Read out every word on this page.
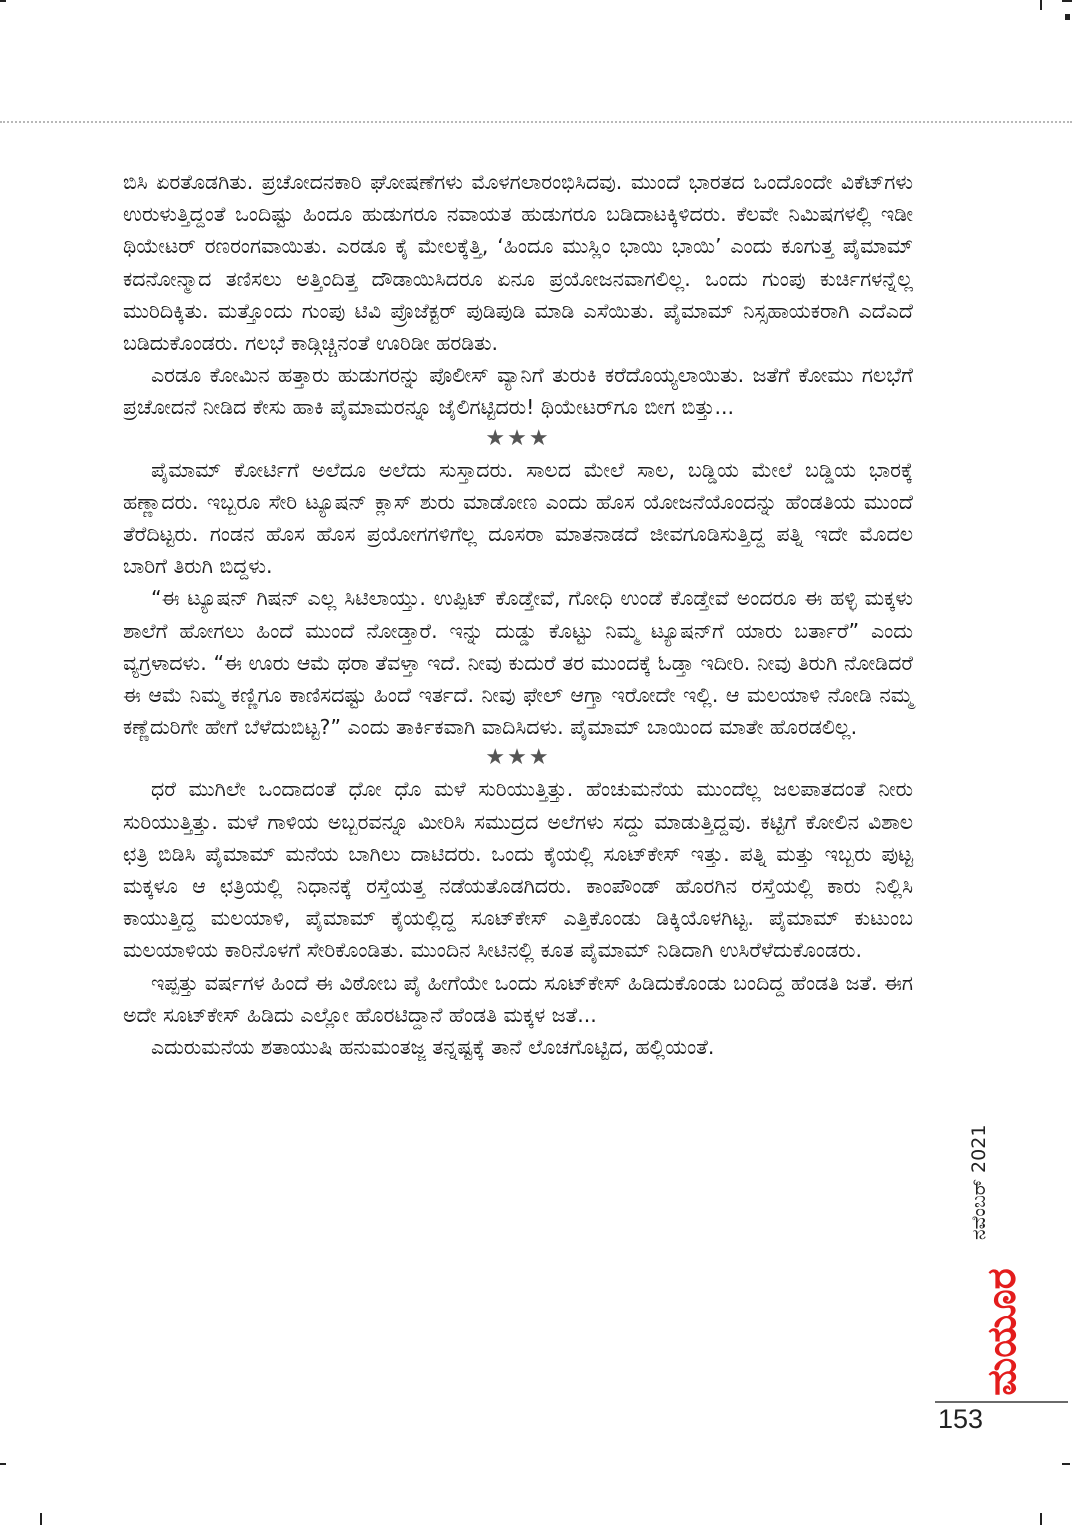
ಬಿಸಿ ಏರತೊಡಗಿತು. ಪ್ರಚೋದನಕಾರಿ ಘೋಷಣೆಗಳು ಮೊಳಗಲಾರಂಭಿಸಿದವು. ಮುಂದೆ ಭಾರತದ ಒಂದೊಂದೇ ವಿಕೆಟ್‌ಗಳು ಉರುಳುತ್ತಿದ್ದಂತೆ ಒಂದಿಷ್ಟು ಹಿಂದೂ ಹುಡುಗರೂ ನವಾಯತ ಹುಡುಗರೂ ಬಡಿದಾಟಕ್ಕಿಳಿದರು. ಕೆಲವೇ ನಿಮಿಷಗಳಲ್ಲಿ ಇಡೀ ಥಿಯೇಟರ್ ರಣರಂಗವಾಯಿತು. ಎರಡೂ ಕೈ ಮೇಲಕ್ಕೆತ್ತಿ, ‘ಹಿಂದೂ ಮುಸ್ಲಿಂ ಭಾಯಿ ಭಾಯಿ’ ಎಂದು ಕೂಗುತ್ತ ಪೈಮಾಮ್ ಕದನೋನ್ಮಾದ ತಣಿಸಲು ಅತ್ತಿಂದಿತ್ತ ದೌಡಾಯಿಸಿದರೂ ಏನೂ ಪ್ರಯೋಜನವಾಗಲಿಲ್ಲ. ಒಂದು ಗುಂಪು ಕುರ್ಚಿಗಳನ್ನೆಲ್ಲ ಮುರಿದಿಕ್ಕಿತು. ಮತ್ತೊಂದು ಗುಂಪು ಟಿವಿ ಪ್ರೊಜೆಕ್ಟರ್ ಪುಡಿಪುಡಿ ಮಾಡಿ ಎಸೆಯಿತು. ಪೈಮಾಮ್ ನಿಸ್ಸಹಾಯಕರಾಗಿ ಎದೆಎದೆ ಬಡಿದುಕೊಂಡರು. ಗಲಭೆ ಕಾಡ್ಗಿಚ್ಚಿನಂತೆ ಊರಿಡೀ ಹರಡಿತು.

ಎರಡೂ ಕೋಮಿನ ಹತ್ತಾರು ಹುಡುಗರನ್ನು ಪೊಲೀಸ್ ವ್ಯಾನಿಗೆ ತುರುಕಿ ಕರೆದೊಯ್ಯಲಾಯಿತು. ಜತೆಗೆ ಕೋಮು ಗಲಭೆಗೆ ಪ್ರಚೋದನೆ ನೀಡಿದ ಕೇಸು ಹಾಕಿ ಪೈಮಾಮರನ್ನೂ ಜೈಲಿಗಟ್ಟಿದರು! ಥಿಯೇಟರ್‌ಗೂ ಬೀಗ ಬಿತ್ತು...

★★★

ಪೈಮಾಮ್ ಕೋರ್ಟಿಗೆ ಅಲೆದೂ ಅಲೆದು ಸುಸ್ತಾದರು. ಸಾಲದ ಮೇಲೆ ಸಾಲ, ಬಡ್ಡಿಯ ಮೇಲೆ ಬಡ್ಡಿಯ ಭಾರಕ್ಕೆ ಹಣ್ಣಾದರು. ಇಬ್ಬರೂ ಸೇರಿ ಟ್ಯೂಷನ್ ಕ್ಲಾಸ್ ಶುರು ಮಾಡೋಣ ಎಂದು ಹೊಸ ಯೋಜನೆಯೊಂದನ್ನು ಹೆಂಡತಿಯ ಮುಂದೆ ತೆರೆದಿಟ್ಟರು. ಗಂಡನ ಹೊಸ ಹೊಸ ಪ್ರಯೋಗಗಳಿಗೆಲ್ಲ ದೂಸರಾ ಮಾತನಾಡದೆ ಜೀವಗೂಡಿಸುತ್ತಿದ್ದ ಪತ್ನಿ ಇದೇ ಮೊದಲ ಬಾರಿಗೆ ತಿರುಗಿ ಬಿದ್ದಳು.

“ಈ ಟ್ಯೂಷನ್ ಗಿಷನ್ ಎಲ್ಲ ಸಿಟಿಲಾಯ್ತು. ಉಪ್ಪಿಟ್ ಕೊಡ್ತೇವೆ, ಗೋಧಿ ಉಂಡೆ ಕೊಡ್ತೇವೆ ಅಂದರೂ ಈ ಹಳ್ಳಿ ಮಕ್ಕಳು ಶಾಲೆಗೆ ಹೋಗಲು ಹಿಂದೆ ಮುಂದೆ ನೋಡ್ತಾರೆ. ಇನ್ನು ದುಡ್ಡು ಕೊಟ್ಟು ನಿಮ್ಮ ಟ್ಯೂಷನ್‌ಗೆ ಯಾರು ಬರ್ತಾರೆ” ಎಂದು ವ್ಯಗ್ರಳಾದಳು. “ಈ ಊರು ಆಮೆ ಥರಾ ತೆವಳ್ತಾ ಇದೆ. ನೀವು ಕುದುರೆ ತರ ಮುಂದಕ್ಕೆ ಓಡ್ತಾ ಇದೀರಿ. ನೀವು ತಿರುಗಿ ನೋಡಿದರೆ ಈ ಆಮೆ ನಿಮ್ಮ ಕಣ್ಣಿಗೂ ಕಾಣಿಸದಷ್ಟು ಹಿಂದೆ ಇರ್ತದೆ. ನೀವು ಫೇಲ್ ಆಗ್ತಾ ಇರೋದೇ ಇಲ್ಲಿ. ಆ ಮಲಯಾಳಿ ನೋಡಿ ನಮ್ಮ ಕಣ್ಣೆದುರಿಗೇ ಹೇಗೆ ಬೆಳೆದುಬಿಟ್ಟ?” ಎಂದು ತಾರ್ಕಿಕವಾಗಿ ವಾದಿಸಿದಳು. ಪೈಮಾಮ್ ಬಾಯಿಂದ ಮಾತೇ ಹೊರಡಲಿಲ್ಲ.

★★★

ಧರೆ ಮುಗಿಲೇ ಒಂದಾದಂತೆ ಧೋ ಧೊ ಮಳೆ ಸುರಿಯುತ್ತಿತ್ತು. ಹೆಂಚುಮನೆಯ ಮುಂದೆಲ್ಲ ಜಲಪಾತದಂತೆ ನೀರು ಸುರಿಯುತ್ತಿತ್ತು. ಮಳೆ ಗಾಳಿಯ ಅಬ್ಬರವನ್ನೂ ಮೀರಿಸಿ ಸಮುದ್ರದ ಅಲೆಗಳು ಸದ್ದು ಮಾಡುತ್ತಿದ್ದವು. ಕಟ್ಟಿಗೆ ಕೋಲಿನ ವಿಶಾಲ ಛತ್ರಿ ಬಿಡಿಸಿ ಪೈಮಾಮ್ ಮನೆಯ ಬಾಗಿಲು ದಾಟಿದರು. ಒಂದು ಕೈಯಲ್ಲಿ ಸೂಟ್‌ಕೇಸ್ ಇತ್ತು. ಪತ್ನಿ ಮತ್ತು ಇಬ್ಬರು ಪುಟ್ಟ ಮಕ್ಕಳೂ ಆ ಛತ್ರಿಯಲ್ಲಿ ನಿಧಾನಕ್ಕೆ ರಸ್ತೆಯತ್ತ ನಡೆಯತೊಡಗಿದರು. ಕಾಂಪೌಂಡ್ ಹೊರಗಿನ ರಸ್ತೆಯಲ್ಲಿ ಕಾರು ನಿಲ್ಲಿಸಿ ಕಾಯುತ್ತಿದ್ದ ಮಲಯಾಳಿ, ಪೈಮಾಮ್ ಕೈಯಲ್ಲಿದ್ದ ಸೂಟ್‌ಕೇಸ್ ಎತ್ತಿಕೊಂಡು ಡಿಕ್ಕಿಯೊಳಗಿಟ್ಟ. ಪೈಮಾಮ್ ಕುಟುಂಬ ಮಲಯಾಳಿಯ ಕಾರಿನೊಳಗೆ ಸೇರಿಕೊಂಡಿತು. ಮುಂದಿನ ಸೀಟಿನಲ್ಲಿ ಕೂತ ಪೈಮಾಮ್ ನಿಡಿದಾಗಿ ಉಸಿರೆಳೆದುಕೊಂಡರು.

ಇಪ್ಪತ್ತು ವರ್ಷಗಳ ಹಿಂದೆ ಈ ವಿಠೋಬ ಪೈ ಹೀಗೆಯೇ ಒಂದು ಸೂಟ್‌ಕೇಸ್ ಹಿಡಿದುಕೊಂಡು ಬಂದಿದ್ದ ಹೆಂಡತಿ ಜತೆ. ಈಗ ಅದೇ ಸೂಟ್‌ಕೇಸ್ ಹಿಡಿದು ಎಲ್ಲೋ ಹೊರಟಿದ್ದಾನೆ ಹೆಂಡತಿ ಮಕ್ಕಳ ಜತೆ...

ಎದುರುಮನೆಯ ಶತಾಯುಷಿ ಹನುಮಂತಜ್ಜ ತನ್ನಷ್ಟಕ್ಕೆ ತಾನೆ ಲೊಚಗೊಟ್ಟಿದ, ಹಲ್ಲಿಯಂತೆ.

ನವೆಂಬರ್ 2021
ಮಯೂರ
153
